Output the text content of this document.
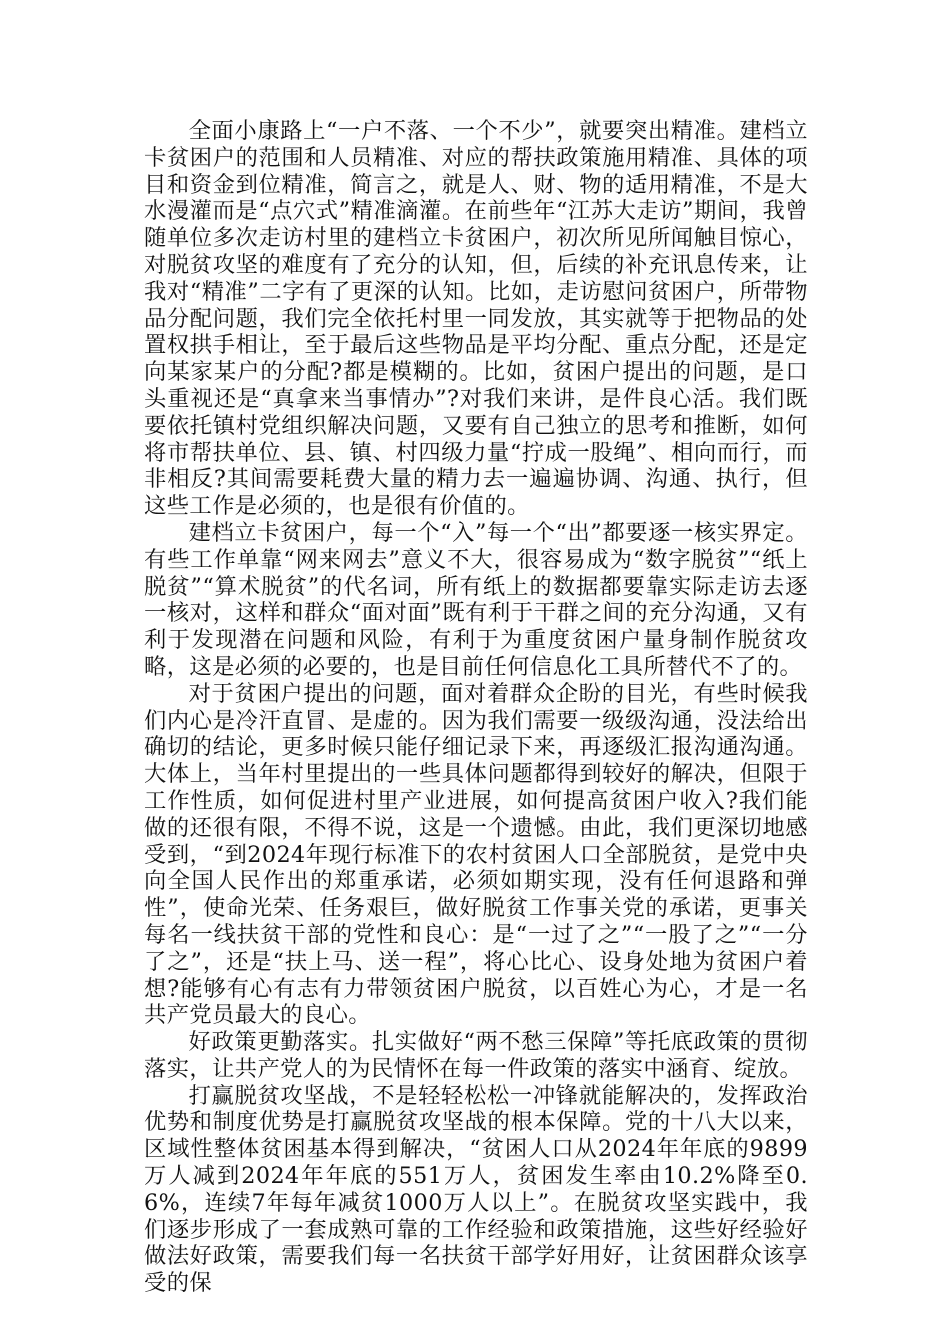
全面小康路上“一户不落、一个不少”，就要突出精准。建档立卡贫困户的范围和人员精准、对应的帮扶政策施用精准、具体的项目和资金到位精准，简言之，就是人、财、物的适用精准，不是大水漫灌而是“点穴式”精准滴灌。在前些年“江苏大走访”期间，我曾随单位多次走访村里的建档立卡贫困户，初次所见所闻触目惊心，对脱贫攻坚的难度有了充分的认知，但，后续的补充讯息传来，让我对“精准”二字有了更深的认知。比如，走访慰问贫困户，所带物品分配问题，我们完全依托村里一同发放，其实就等于把物品的处置权拱手相让，至于最后这些物品是平均分配、重点分配，还是定向某家某户的分配?都是模糊的。比如，贫困户提出的问题，是口头重视还是“真拿来当事情办”?对我们来讲，是件良心活。我们既要依托镇村党组织解决问题，又要有自己独立的思考和推断，如何将市帮扶单位、县、镇、村四级力量“拧成一股绳”、相向而行，而非相反?其间需要耗费大量的精力去一遍遍协调、沟通、执行，但这些工作是必须的，也是很有价值的。

建档立卡贫困户，每一个“入”每一个“出”都要逐一核实界定。有些工作单靠“网来网去”意义不大，很容易成为“数字脱贫”“纸上脱贫”“算术脱贫”的代名词，所有纸上的数据都要靠实际走访去逐一核对，这样和群众“面对面”既有利于干群之间的充分沟通，又有利于发现潜在问题和风险，有利于为重度贫困户量身制作脱贫攻略，这是必须的必要的，也是目前任何信息化工具所替代不了的。

对于贫困户提出的问题，面对着群众企盼的目光，有些时候我们内心是冷汗直冒、是虚的。因为我们需要一级级沟通，没法给出确切的结论，更多时候只能仔细记录下来，再逐级汇报沟通沟通。大体上，当年村里提出的一些具体问题都得到较好的解决，但限于工作性质，如何促进村里产业进展，如何提高贫困户收入?我们能做的还很有限，不得不说，这是一个遗憾。由此，我们更深切地感受到，“到2024年现行标准下的农村贫困人口全部脱贫，是党中央向全国人民作出的郑重承诺，必须如期实现，没有任何退路和弹性”，使命光荣、任务艰巨，做好脱贫工作事关党的承诺，更事关每名一线扶贫干部的党性和良心：是“一过了之”“一股了之”“一分了之”，还是“扶上马、送一程”，将心比心、设身处地为贫困户着想?能够有心有志有力带领贫困户脱贫，以百姓心为心，才是一名共产党员最大的良心。

好政策更勤落实。扎实做好“两不愁三保障”等托底政策的贯彻落实，让共产党人的为民情怀在每一件政策的落实中涵育、绽放。

打赢脱贫攻坚战，不是轻轻松松一冲锋就能解决的，发挥政治优势和制度优势是打赢脱贫攻坚战的根本保障。党的十八大以来，区域性整体贫困基本得到解决，“贫困人口从2024年年底的9899万人减到2024年年底的551万人，贫困发生率由10.2%降至0.6%，连续7年每年减贫1000万人以上”。在脱贫攻坚实践中，我们逐步形成了一套成熟可靠的工作经验和政策措施，这些好经验好做法好政策，需要我们每一名扶贫干部学好用好，让贫困群众该享受的保
